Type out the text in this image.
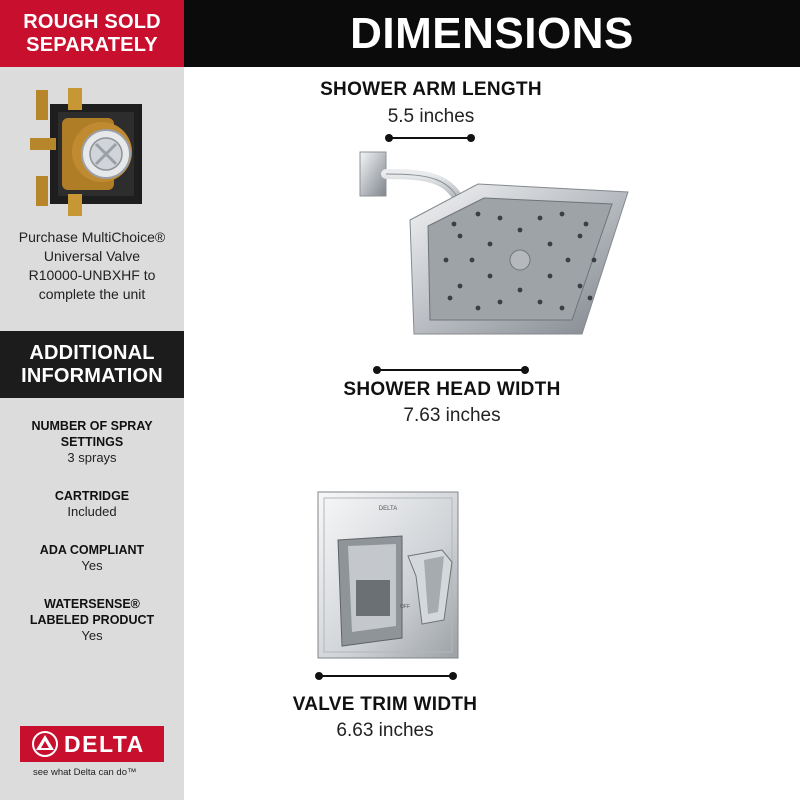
ROUGH SOLD
SEPARATELY
Purchase MultiChoice®
Universal Valve
R10000-UNBXHF to
complete the unit
ADDITIONAL
INFORMATION
NUMBER OF SPRAY
SETTINGS
3 sprays
CARTRIDGE
Included
ADA COMPLIANT
Yes
WATERSENSE®
LABELED PRODUCT
Yes
DELTA
see what Delta can do™
DIMENSIONS
SHOWER ARM LENGTH
5.5 inches
SHOWER HEAD WIDTH
7.63 inches
DELTA
OFF
VALVE TRIM WIDTH
6.63 inches
